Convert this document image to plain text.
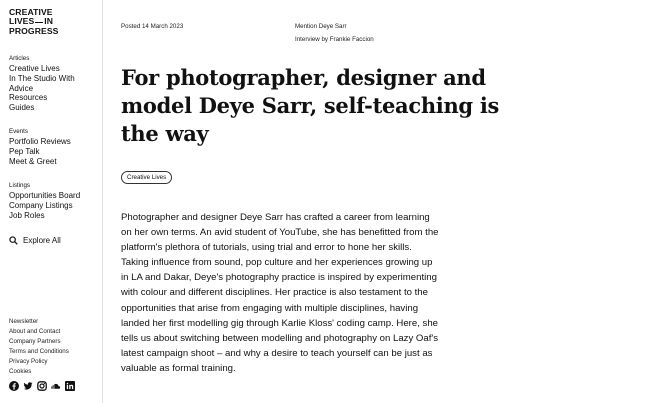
CREATIVE
LIVES IN
PROGRESS
Articles
Creative Lives
In The Studio With
Advice
Resources
Guides
Events
Portfolio Reviews
Pep Talk
Meet & Greet
Listings
Opportunities Board
Company Listings
Job Roles
Explore All
Newsletter
About and Contact
Company Partners
Terms and Conditions
Privacy Policy
Cookies
Posted 14 March 2023	Mention Deye Sarr
Interview by Frankie Faccion
For photographer, designer and model Deye Sarr, self-teaching is the way
Creative Lives

Photographer and designer Deye Sarr has crafted a career from learning on her own terms. An avid student of YouTube, she has benefitted from the platform's plethora of tutorials, using trial and error to hone her skills. Taking influence from sound, pop culture and her experiences growing up in LA and Dakar, Deye's photography practice is inspired by experimenting with colour and different disciplines. Her practice is also testament to the opportunities that arise from engaging with multiple disciplines, having landed her first modelling gig through Karlie Kloss' coding camp. Here, she tells us about switching between modelling and photography on Lazy Oaf's latest campaign shoot – and why a desire to teach yourself can be just as valuable as formal training.
